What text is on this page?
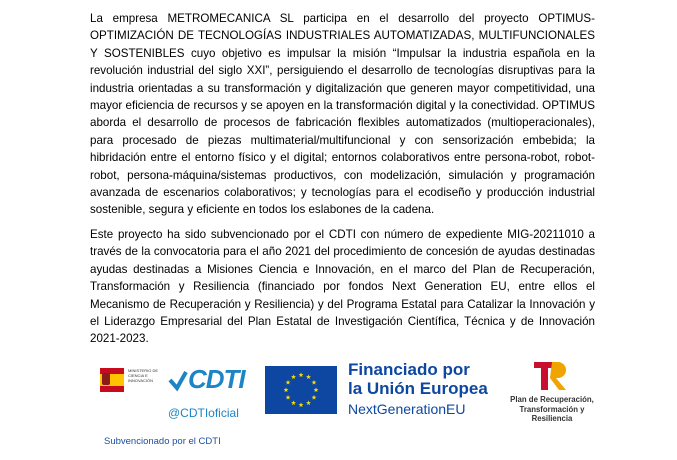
La empresa METROMECANICA SL participa en el desarrollo del proyecto OPTIMUS-OPTIMIZACIÓN DE TECNOLOGÍAS INDUSTRIALES AUTOMATIZADAS, MULTIFUNCIONALES Y SOSTENIBLES cuyo objetivo es impulsar la misión “Impulsar la industria española en la revolución industrial del siglo XXI”, persiguiendo el desarrollo de tecnologías disruptivas para la industria orientadas a su transformación y digitalización que generen mayor competitividad, una mayor eficiencia de recursos y se apoyen en la transformación digital y la conectividad. OPTIMUS aborda el desarrollo de procesos de fabricación flexibles automatizados (multioperacionales), para procesado de piezas multimaterial/multifuncional y con sensorización embebida; la hibridación entre el entorno físico y el digital; entornos colaborativos entre persona-robot, robot-robot, persona-máquina/sistemas productivos, con modelización, simulación y programación avanzada de escenarios colaborativos; y tecnologías para el ecodiseño y producción industrial sostenible, segura y eficiente en todos los eslabones de la cadena.

Este proyecto ha sido subvencionado por el CDTI con número de expediente MIG-20211010 a través de la convocatoria para el año 2021 del procedimiento de concesión de ayudas destinadas ayudas destinadas a Misiones Ciencia e Innovación, en el marco del Plan de Recuperación, Transformación y Resiliencia (financiado por fondos Next Generation EU, entre ellos el Mecanismo de Recuperación y Resiliencia) y del Programa Estatal para Catalizar la Innovación y el Liderazgo Empresarial del Plan Estatal de Investigación Científica, Técnica y de Innovación 2021-2023.

MINISTERIO DE CIENCIA E INNOVACIÓN	CDTI
@CDTIoficial
Financiado por
la Unión Europea
NextGenerationEU
Plan de Recuperación,
Transformación y
Resiliencia
Subvencionado por el CDTI
